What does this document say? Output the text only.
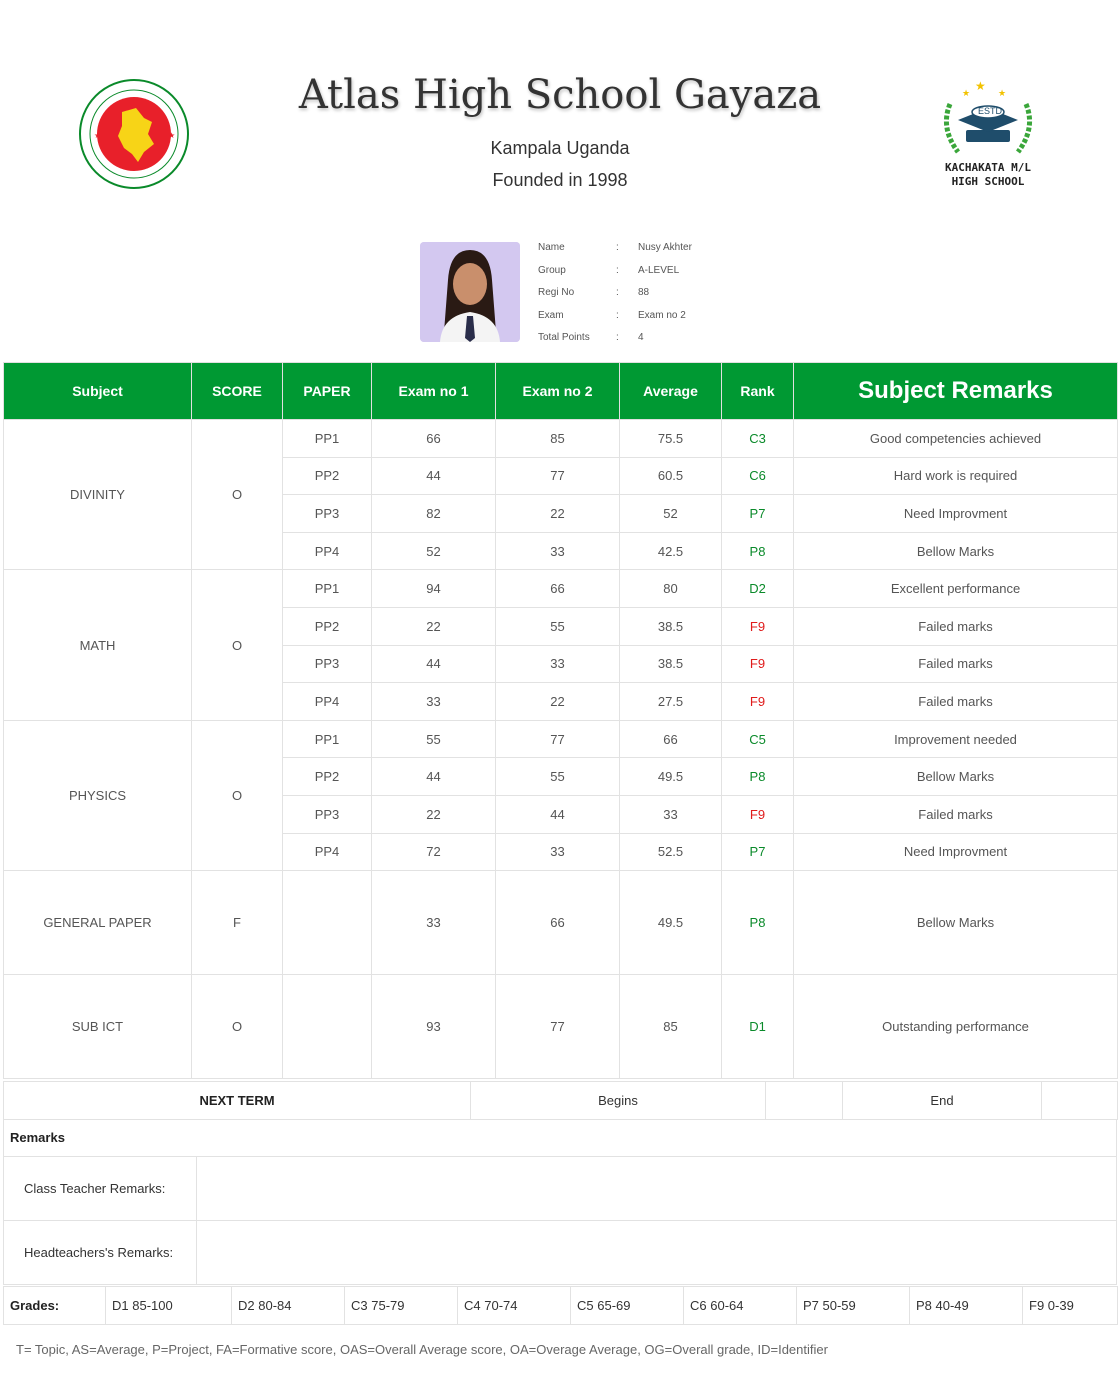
★	★
Atlas High School Gayaza
Kampala Uganda
Founded in 1998
★
★	★
ESTD
KACHAKATA M/L
HIGH SCHOOL
Name	: Nusy Akhter
Group	: A-LEVEL
Regi No	: 88
Exam	: Exam no 2
Total Points	: 4
Subject	SCORE	PAPER	Exam no 1	Exam no 2	Average	Rank	Subject Remarks
DIVINITY	O	PP1	66	85	75.5	C3	Good competencies achieved
		PP2	44	77	60.5	C6	Hard work is required
		PP3	82	22	52	P7	Need Improvment
		PP4	52	33	42.5	P8	Bellow Marks
MATH	O	PP1	94	66	80	D2	Excellent performance
		PP2	22	55	38.5	F9	Failed marks
		PP3	44	33	38.5	F9	Failed marks
		PP4	33	22	27.5	F9	Failed marks
PHYSICS	O	PP1	55	77	66	C5	Improvement needed
		PP2	44	55	49.5	P8	Bellow Marks
		PP3	22	44	33	F9	Failed marks
		PP4	72	33	52.5	P7	Need Improvment
GENERAL PAPER	F		33	66	49.5	P8	Bellow Marks
SUB ICT	O		93	77	85	D1	Outstanding performance
NEXT TERM	Begins		End	
Remarks
Class Teacher Remarks:
Headteachers's Remarks:
Grades:	D1 85-100	D2 80-84	C3 75-79	C4 70-74	C5 65-69	C6 60-64	P7 50-59	P8 40-49	F9 0-39
T= Topic, AS=Average, P=Project, FA=Formative score, OAS=Overall Average score, OA=Overage Average, OG=Overall grade, ID=Identifier
